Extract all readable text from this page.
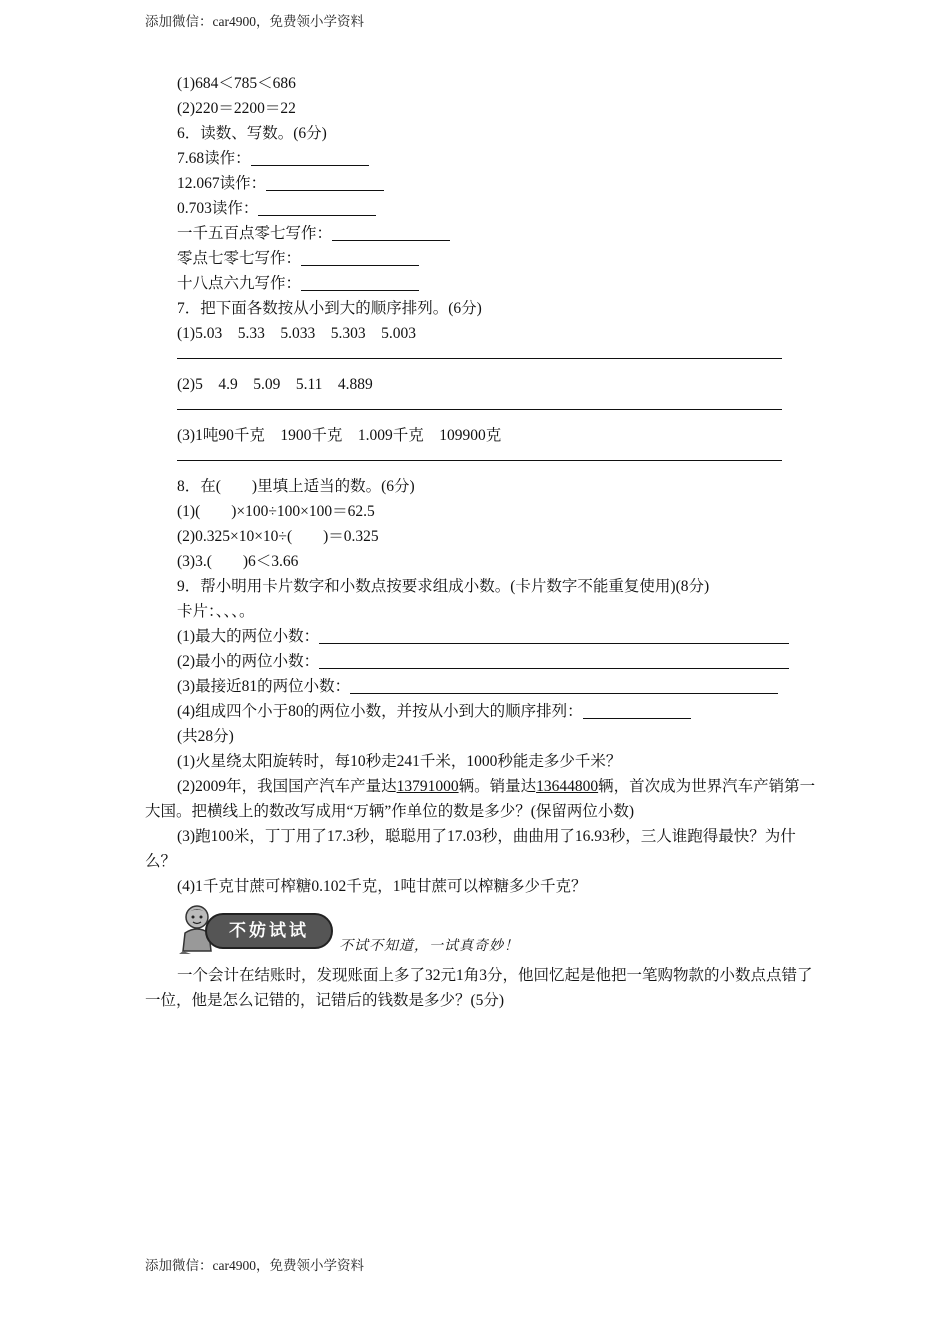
添加微信：car4900，免费领小学资料
(1)684＜785＜686
(2)220＝2200＝22
6．读数、写数。(6分)
7.68读作：
12.067读作：
0.703读作：
一千五百点零七写作：
零点七零七写作：
十八点六九写作：
7．把下面各数按从小到大的顺序排列。(6分)
(1)5.03　5.33　5.033　5.303　5.003
(2)5　4.9　5.09　5.11　4.889
(3)1吨90千克　1900千克　1.009千克　109900克
8．在(　　)里填上适当的数。(6分)
(1)(　　)×100÷100×100＝62.5
(2)0.325×10×10÷(　　)＝0.325
(3)3.(　　)6＜3.66
9．帮小明用卡片数字和小数点按要求组成小数。(卡片数字不能重复使用)(8分)
卡片：、、、。
(1)最大的两位小数：
(2)最小的两位小数：
(3)最接近81的两位小数：
(4)组成四个小于80的两位小数，并按从小到大的顺序排列：
(共28分)
(1)火星绕太阳旋转时，每10秒走241千米，1000秒能走多少千米？
(2)2009年，我国国产汽车产量达13791000辆。销量达13644800辆，首次成为世界汽车产销第一大国。把横线上的数改写成用“万辆”作单位的数是多少？(保留两位小数)
(3)跑100米，丁丁用了17.3秒，聪聪用了17.03秒，曲曲用了16.93秒，三人谁跑得最快？为什么？
(4)1千克甘蔗可榨糖0.102千克，1吨甘蔗可以榨糖多少千克？
不妨试试
不试不知道，一试真奇妙！
一个会计在结账时，发现账面上多了32元1角3分，他回忆起是他把一笔购物款的小数点点错了一位，他是怎么记错的，记错后的钱数是多少？(5分)
添加微信：car4900，免费领小学资料
